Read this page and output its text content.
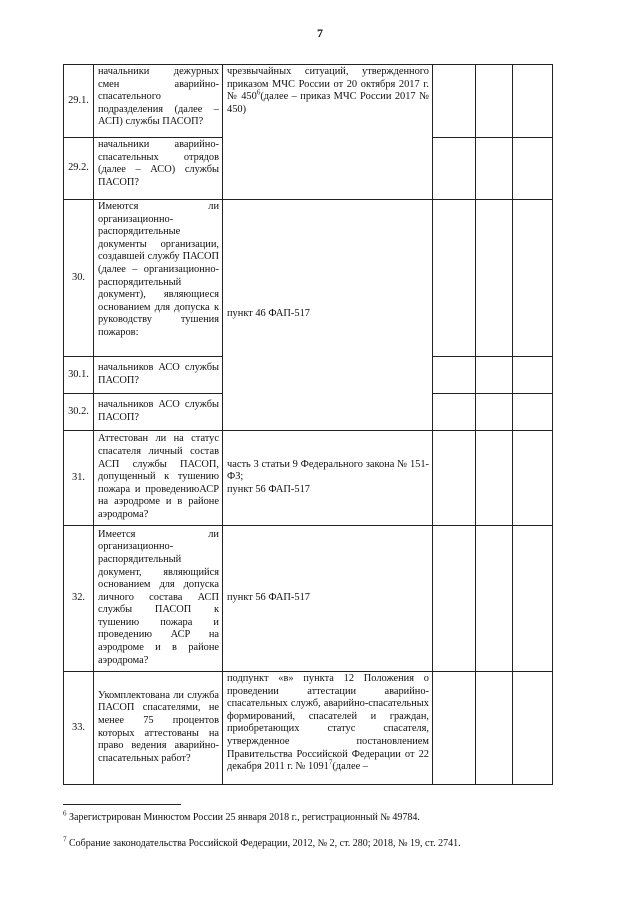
7
29.1.	начальники дежурных смен аварийно-спасательного подразделения (далее – АСП) службы ПАСОП?	чрезвычайных ситуаций, утвержденного приказом МЧС России от 20 октября 2017 г. № $450^6(далее$ – приказ МЧС России 2017 № 450)			
29.2.	начальники аварийно-спасательных отрядов (далее – АСО) службы ПАСОП?				
30.	Имеются ли организационно-распорядительные документы организации, создавшей службу ПАСОП (далее – организационно-распорядительный документ), являющиеся основанием для допуска к руководству тушения пожаров:	пункт 46 ФАП-517			
30.1.	начальников АСО службы ПАСОП?				
30.2.	начальников АСО службы ПАСОП?				
31.	Аттестован ли на статус спасателя личный состав АСП службы ПАСОП, допущенный к тушению пожара и проведениюАСР на аэродроме и в районе аэродрома?	часть 3 статьи 9 Федерального закона № 151-ФЗ;
пункт 56 ФАП-517			
32.	Имеется ли организационно-распорядительный документ, являющийся основанием для допуска личного состава АСП службы ПАСОП к тушению пожара и проведению АСР на аэродроме и в районе аэродрома?	пункт 56 ФАП-517			
33.	Укомплектована ли служба ПАСОП спасателями, не менее 75 процентов которых аттестованы на право ведения аварийно-спасательных работ?	подпункт «в» пункта 12 Положения о проведении аттестации аварийно-спасательных служб, аварийно-спасательных формирований, спасателей и граждан, приобретающих статус спасателя, утвержденное постановлением Правительства Российской Федерации от 22 декабря 2011 г. № 1091$^7$(далее –			
$^6$ Зарегистрирован Минюстом России 25 января 2018 г., регистрационный № 49784.
$^7$ Собрание законодательства Российской Федерации, 2012, № 2, ст. 280; 2018, № 19, ст. 2741.
